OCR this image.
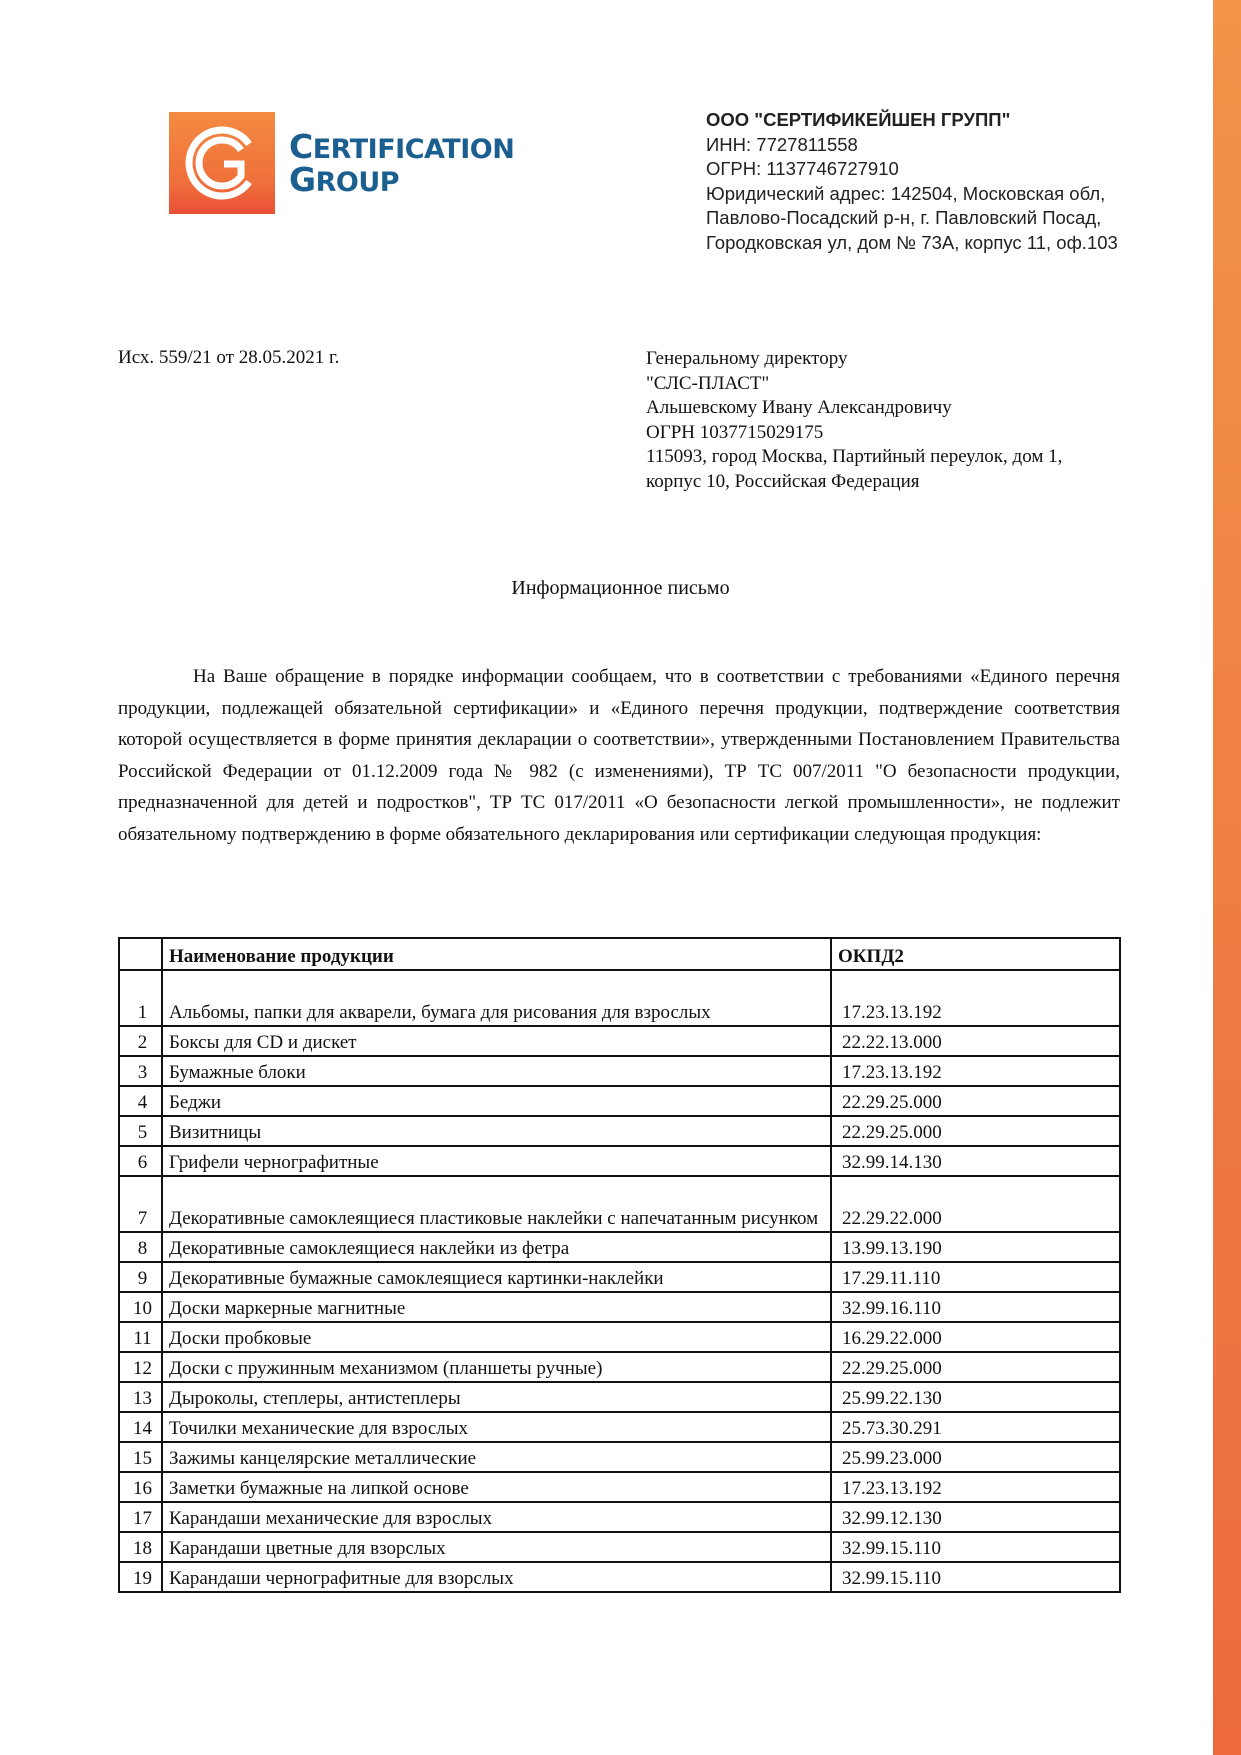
CERTIFICATION
GROUP
ООО "СЕРТИФИКЕЙШЕН ГРУПП"
ИНН: 7727811558
ОГРН: 1137746727910
Юридический адрес: 142504, Московская обл,
Павлово-Посадский р-н, г. Павловский Посад,
Городковская ул, дом № 73А, корпус 11, оф.103
Исх. 559/21 от 28.05.2021 г.	Генеральному директору
"СЛС-ПЛАСТ"
Альшевскому Ивану Александровичу
ОГРН 1037715029175
115093, город Москва, Партийный переулок, дом 1,
корпус 10, Российская Федерация
Информационное письмо
На Ваше обращение в порядке информации сообщаем, что в соответствии с требованиями «Единого перечня продукции, подлежащей обязательной сертификации» и «Единого перечня продукции, подтверждение соответствия которой осуществляется в форме принятия декларации о соответствии», утвержденными Постановлением Правительства Российской Федерации от 01.12.2009 года № 982 (с изменениями), ТР ТС 007/2011 "О безопасности продукции, предназначенной для детей и подростков", ТР ТС 017/2011 «О безопасности легкой промышленности», не подлежит обязательному подтверждению в форме обязательного декларирования или сертификации следующая продукция:
	Наименование продукции	ОКПД2
1	Альбомы, папки для акварели, бумага для рисования для взрослых	17.23.13.192
2	Боксы для CD и дискет	22.22.13.000
3	Бумажные блоки	17.23.13.192
4	Беджи	22.29.25.000
5	Визитницы	22.29.25.000
6	Грифели чернографитные	32.99.14.130
7	Декоративные самоклеящиеся пластиковые наклейки с напечатанным рисунком	22.29.22.000
8	Декоративные самоклеящиеся наклейки из фетра	13.99.13.190
9	Декоративные бумажные самоклеящиеся картинки-наклейки	17.29.11.110
10	Доски маркерные магнитные	32.99.16.110
11	Доски пробковые	16.29.22.000
12	Доски с пружинным механизмом (планшеты ручные)	22.29.25.000
13	Дыроколы, степлеры, антистеплеры	25.99.22.130
14	Точилки механические для взрослых	25.73.30.291
15	Зажимы канцелярские металлические	25.99.23.000
16	Заметки бумажные на липкой основе	17.23.13.192
17	Карандаши механические для взрослых	32.99.12.130
18	Карандаши цветные для взорслых	32.99.15.110
19	Карандаши чернографитные для взорслых	32.99.15.110
